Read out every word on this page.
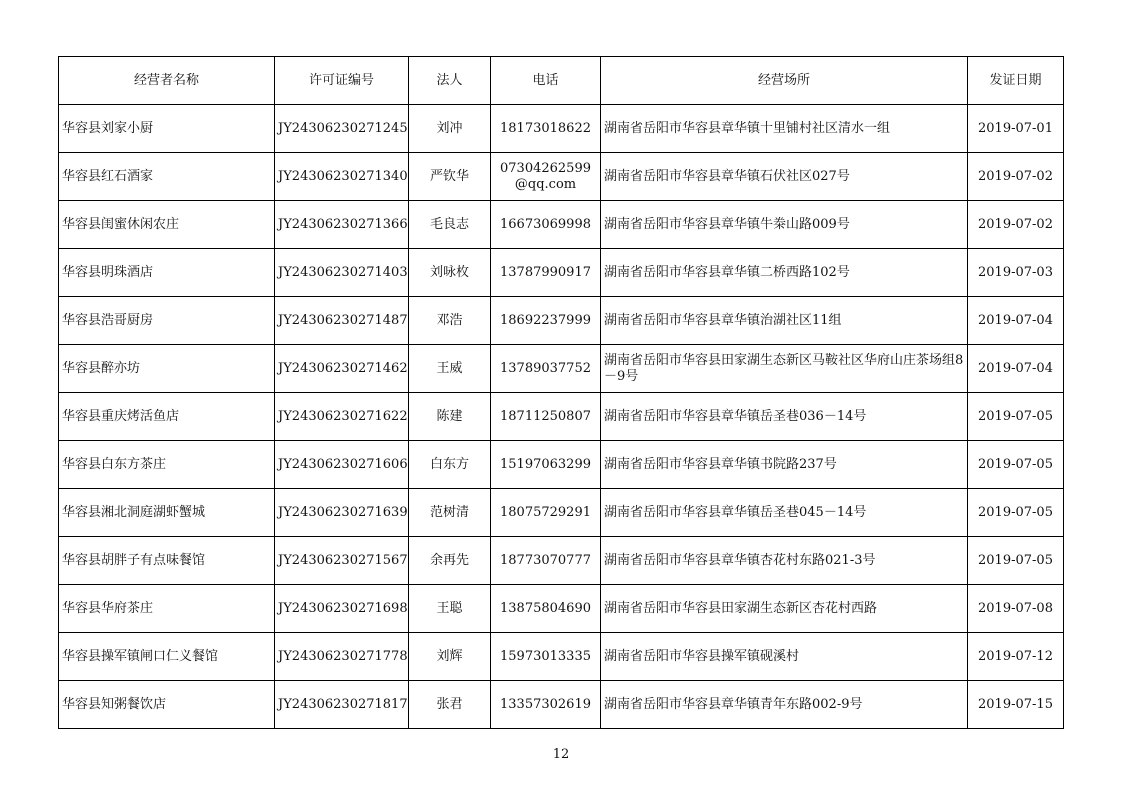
经营者名称	许可证编号	法人	电话	经营场所	发证日期
华容县刘家小厨	JY24306230271245	刘冲	18173018622	湖南省岳阳市华容县章华镇十里铺村社区清水一组	2019-07-01
华容县红石酒家	JY24306230271340	严钦华	07304262599@qq.com	湖南省岳阳市华容县章华镇石伏社区027号	2019-07-02
华容县闺蜜休闲农庄	JY24306230271366	毛良志	16673069998	湖南省岳阳市华容县章华镇牛桊山路009号	2019-07-02
华容县明珠酒店	JY24306230271403	刘咏枚	13787990917	湖南省岳阳市华容县章华镇二桥西路102号	2019-07-03
华容县浩哥厨房	JY24306230271487	邓浩	18692237999	湖南省岳阳市华容县章华镇治湖社区11组	2019-07-04
华容县醉亦坊	JY24306230271462	王威	13789037752	湖南省岳阳市华容县田家湖生态新区马鞍社区华府山庄茶场组8－9号	2019-07-04
华容县重庆烤活鱼店	JY24306230271622	陈建	18711250807	湖南省岳阳市华容县章华镇岳圣巷036－14号	2019-07-05
华容县白东方茶庄	JY24306230271606	白东方	15197063299	湖南省岳阳市华容县章华镇书院路237号	2019-07-05
华容县湘北洞庭湖虾蟹城	JY24306230271639	范树清	18075729291	湖南省岳阳市华容县章华镇岳圣巷045－14号	2019-07-05
华容县胡胖子有点味餐馆	JY24306230271567	余再先	18773070777	湖南省岳阳市华容县章华镇杏花村东路021-3号	2019-07-05
华容县华府茶庄	JY24306230271698	王聪	13875804690	湖南省岳阳市华容县田家湖生态新区杏花村西路	2019-07-08
华容县操军镇闸口仁义餐馆	JY24306230271778	刘辉	15973013335	湖南省岳阳市华容县操军镇砚溪村	2019-07-12
华容县知粥餐饮店	JY24306230271817	张君	13357302619	湖南省岳阳市华容县章华镇青年东路002-9号	2019-07-15
12
